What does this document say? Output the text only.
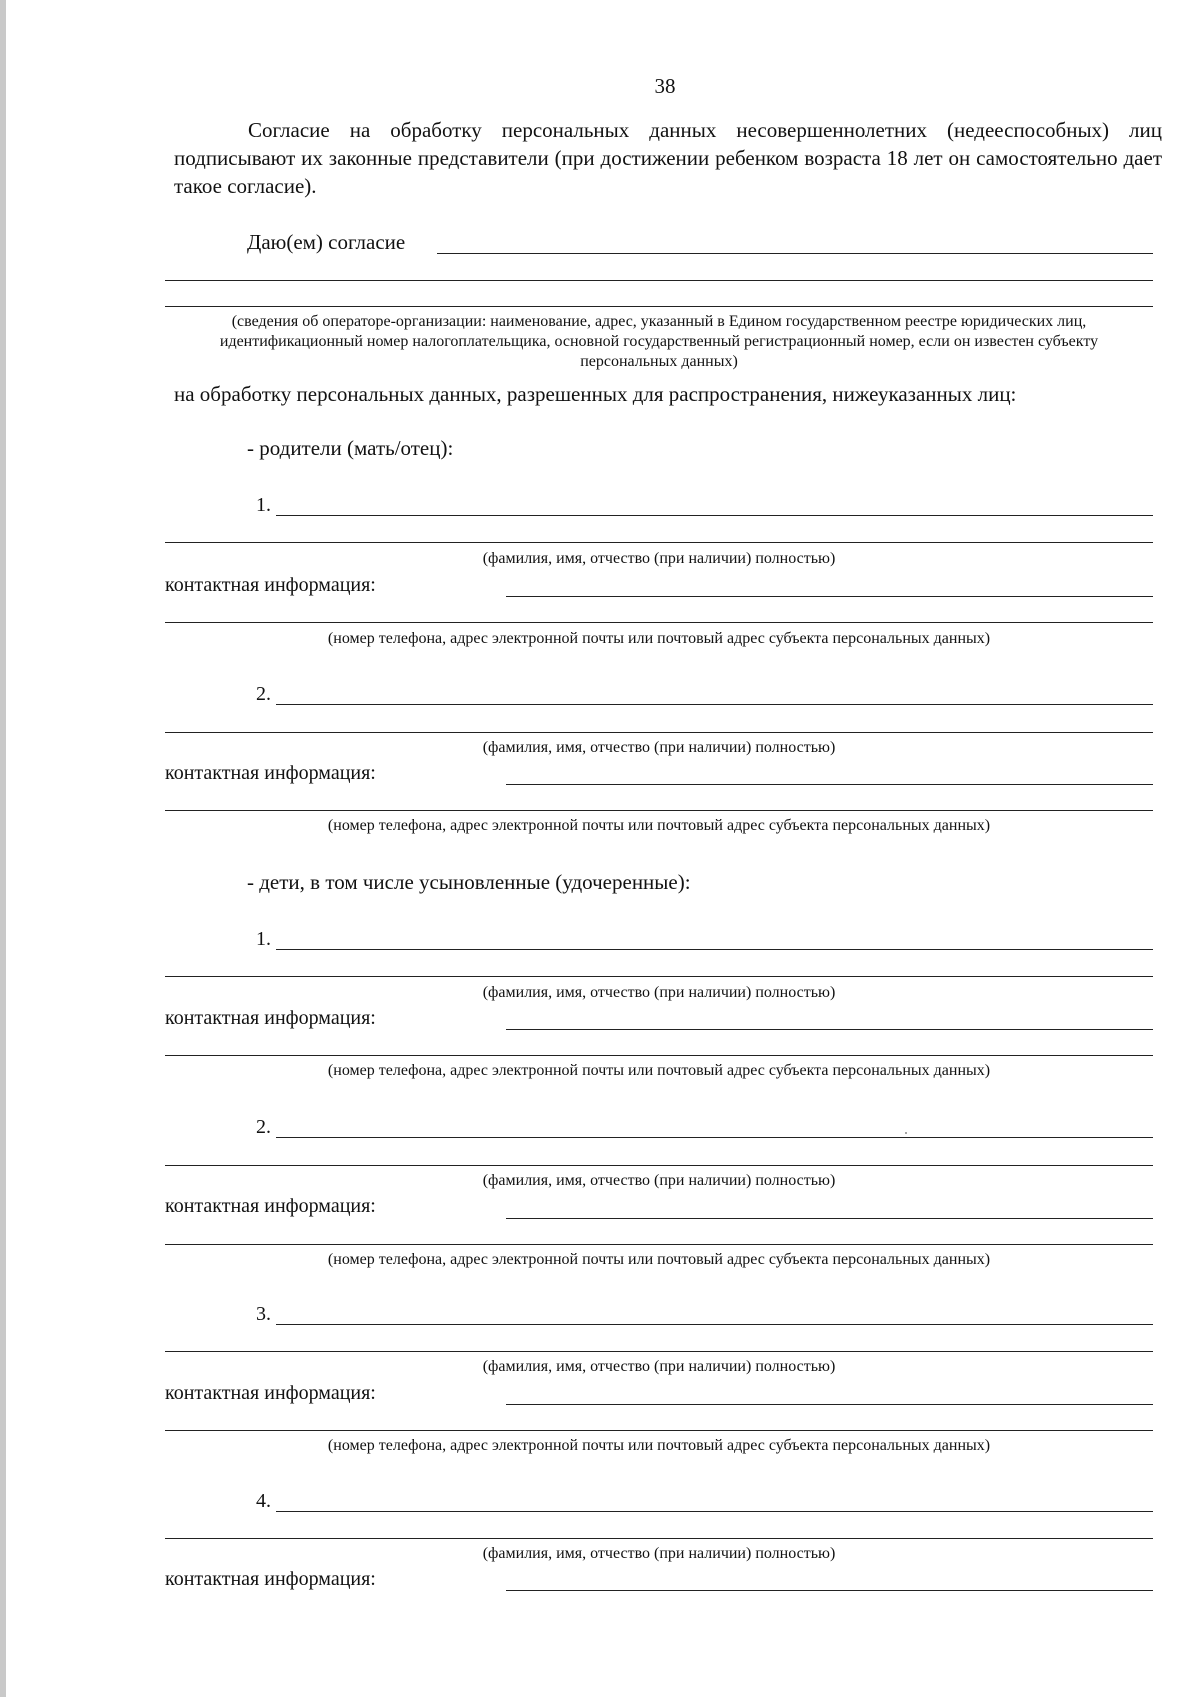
38
Согласие на обработку персональных данных несовершеннолетних (недееспособных) лиц подписывают их законные представители (при достижении ребенком возраста 18 лет он самостоятельно дает такое согласие).
Даю(ем) согласие
(сведения об операторе-организации: наименование, адрес, указанный в Едином государственном реестре юридических лиц, идентификационный номер налогоплательщика, основной государственный регистрационный номер, если он известен субъекту персональных данных)
на обработку персональных данных, разрешенных для распространения, нижеуказанных лиц:
- родители (мать/отец):
1.
(фамилия, имя, отчество (при наличии) полностью)
контактная информация:
(номер телефона, адрес электронной почты или почтовый адрес субъекта персональных данных)
2.
(фамилия, имя, отчество (при наличии) полностью)
контактная информация:
(номер телефона, адрес электронной почты или почтовый адрес субъекта персональных данных)
- дети, в том числе усыновленные (удочеренные):
1.
(фамилия, имя, отчество (при наличии) полностью)
контактная информация:
(номер телефона, адрес электронной почты или почтовый адрес субъекта персональных данных)
2.
(фамилия, имя, отчество (при наличии) полностью)
контактная информация:
(номер телефона, адрес электронной почты или почтовый адрес субъекта персональных данных)
3.
(фамилия, имя, отчество (при наличии) полностью)
контактная информация:
(номер телефона, адрес электронной почты или почтовый адрес субъекта персональных данных)
4.
(фамилия, имя, отчество (при наличии) полностью)
контактная информация:
